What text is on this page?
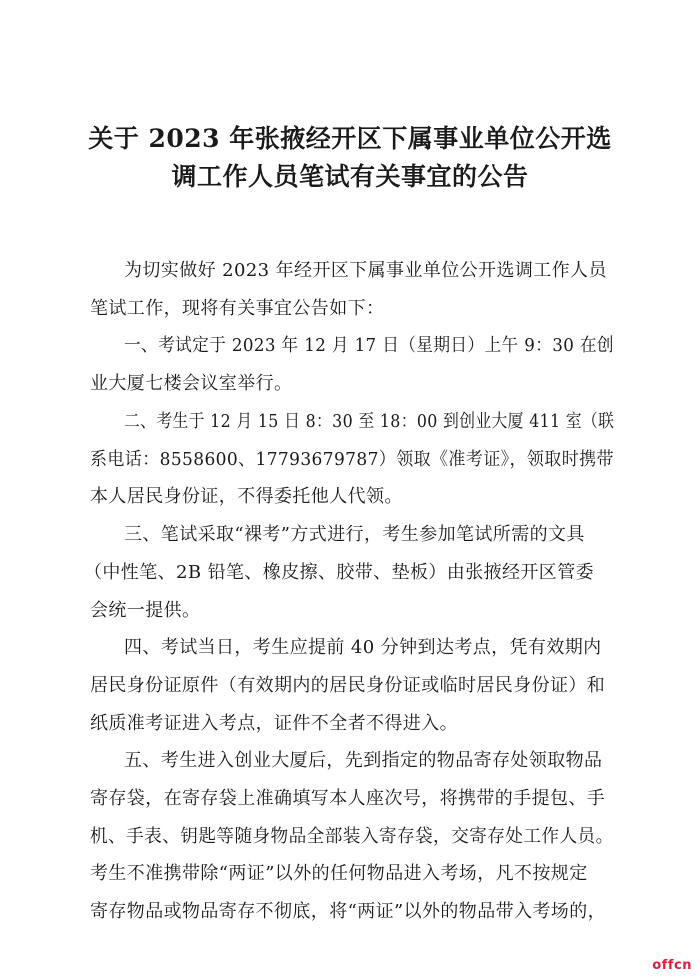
关于 2023 年张掖经开区下属事业单位公开选
调工作人员笔试有关事宜的公告
为切实做好 2023 年经开区下属事业单位公开选调工作人员
笔试工作，现将有关事宜公告如下：
一、考试定于 2023 年 12 月 17 日（星期日）上午 9：30 在创
业大厦七楼会议室举行。
二、考生于 12 月 15 日 8：30 至 18：00 到创业大厦 411 室（联
系电话：8558600、17793679787）领取《准考证》，领取时携带
本人居民身份证，不得委托他人代领。
三、笔试采取“裸考”方式进行，考生参加笔试所需的文具
（中性笔、2B 铅笔、橡皮擦、胶带、垫板）由张掖经开区管委
会统一提供。
四、考试当日，考生应提前 40 分钟到达考点，凭有效期内
居民身份证原件（有效期内的居民身份证或临时居民身份证）和
纸质准考证进入考点，证件不全者不得进入。
五、考生进入创业大厦后，先到指定的物品寄存处领取物品
寄存袋，在寄存袋上准确填写本人座次号，将携带的手提包、手
机、手表、钥匙等随身物品全部装入寄存袋，交寄存处工作人员。
考生不准携带除“两证”以外的任何物品进入考场，凡不按规定
寄存物品或物品寄存不彻底，将“两证”以外的物品带入考场的，
offcn
